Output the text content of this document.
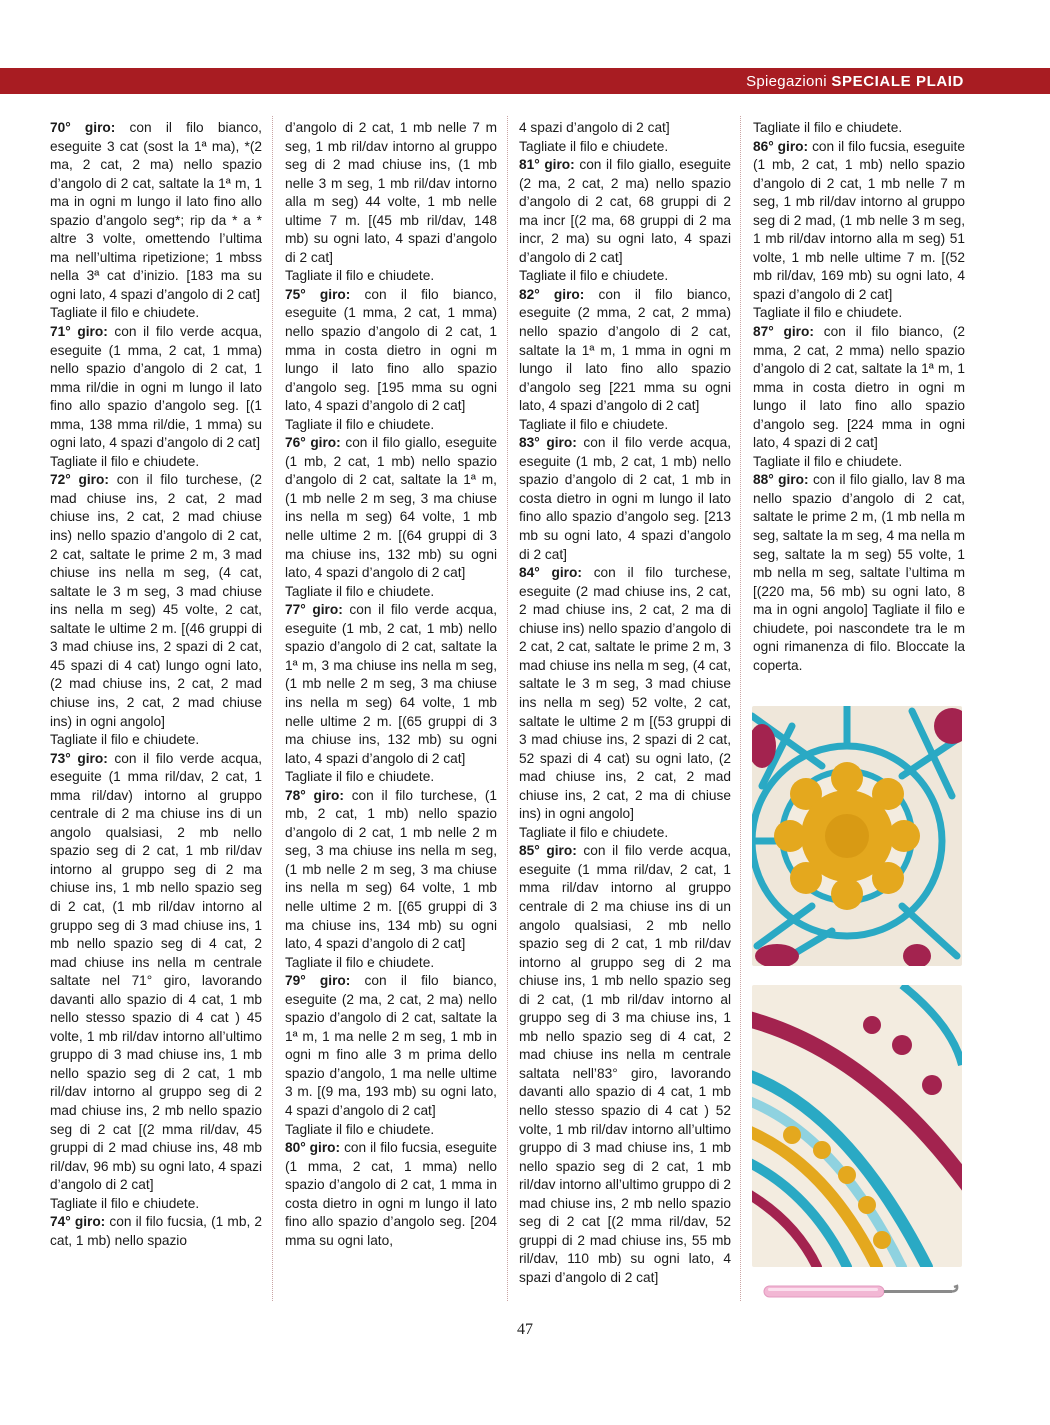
Spiegazioni SPECIALE PLAID

70° giro: con il filo bianco, eseguite 3 cat (sost la 1ª ma), *(2 ma, 2 cat, 2 ma) nello spazio d’angolo di 2 cat, saltate la 1ª m, 1 ma in ogni m lungo il lato fino allo spazio d’angolo seg*; rip da * a * altre 3 volte, omettendo l’ultima ma nell’ultima ripetizione; 1 mbss nella 3ª cat d’inizio. [183 ma su ogni lato, 4 spazi d’angolo di 2 cat]

Tagliate il filo e chiudete.

71° giro: con il filo verde acqua, eseguite (1 mma, 2 cat, 1 mma) nello spazio d’angolo di 2 cat, 1 mma ril/die in ogni m lungo il lato fino allo spazio d’angolo seg. [(1 mma, 138 mma ril/die, 1 mma) su ogni lato, 4 spazi d’angolo di 2 cat]

Tagliate il filo e chiudete.

72° giro: con il filo turchese, (2 mad chiuse ins, 2 cat, 2 mad chiuse ins, 2 cat, 2 mad chiuse ins) nello spazio d’angolo di 2 cat, 2 cat, saltate le prime 2 m, 3 mad chiuse ins nella m seg, (4 cat, saltate le 3 m seg, 3 mad chiuse ins nella m seg) 45 volte, 2 cat, saltate le ultime 2 m. [(46 gruppi di 3 mad chiuse ins, 2 spazi di 2 cat, 45 spazi di 4 cat) lungo ogni lato, (2 mad chiuse ins, 2 cat, 2 mad chiuse ins, 2 cat, 2 mad chiuse ins) in ogni angolo]

Tagliate il filo e chiudete.

73° giro: con il filo verde acqua, eseguite (1 mma ril/dav, 2 cat, 1 mma ril/dav) intorno al gruppo centrale di 2 ma chiuse ins di un angolo qualsiasi, 2 mb nello spazio seg di 2 cat, 1 mb ril/dav intorno al gruppo seg di 2 ma chiuse ins, 1 mb nello spazio seg di 2 cat, (1 mb ril/dav intorno al gruppo seg di 3 mad chiuse ins, 1 mb nello spazio seg di 4 cat, 2 mad chiuse ins nella m centrale saltate nel 71° giro, lavorando davanti allo spazio di 4 cat, 1 mb nello stesso spazio di 4 cat ) 45 volte, 1 mb ril/dav intorno all’ultimo gruppo di 3 mad chiuse ins, 1 mb nello spazio seg di 2 cat, 1 mb ril/dav intorno al gruppo seg di 2 mad chiuse ins, 2 mb nello spazio seg di 2 cat [(2 mma ril/dav, 45 gruppi di 2 mad chiuse ins, 48 mb ril/dav, 96 mb) su ogni lato, 4 spazi d’angolo di 2 cat]

Tagliate il filo e chiudete.

74° giro: con il filo fucsia, (1 mb, 2 cat, 1 mb) nello spazio

d’angolo di 2 cat, 1 mb nelle 7 m seg, 1 mb ril/dav intorno al gruppo seg di 2 mad chiuse ins, (1 mb nelle 3 m seg, 1 mb ril/dav intorno alla m seg) 44 volte, 1 mb nelle ultime 7 m. [(45 mb ril/dav, 148 mb) su ogni lato, 4 spazi d’angolo di 2 cat]

Tagliate il filo e chiudete.

75° giro: con il filo bianco, eseguite (1 mma, 2 cat, 1 mma) nello spazio d’angolo di 2 cat, 1 mma in costa dietro in ogni m lungo il lato fino allo spazio d’angolo seg. [195 mma su ogni lato, 4 spazi d’angolo di 2 cat]

Tagliate il filo e chiudete.

76° giro: con il filo giallo, eseguite (1 mb, 2 cat, 1 mb) nello spazio d’angolo di 2 cat, saltate la 1ª m, (1 mb nelle 2 m seg, 3 ma chiuse ins nella m seg) 64 volte, 1 mb nelle ultime 2 m. [(64 gruppi di 3 ma chiuse ins, 132 mb) su ogni lato, 4 spazi d’angolo di 2 cat]

Tagliate il filo e chiudete.

77° giro: con il filo verde acqua, eseguite (1 mb, 2 cat, 1 mb) nello spazio d’angolo di 2 cat, saltate la 1ª m, 3 ma chiuse ins nella m seg, (1 mb nelle 2 m seg, 3 ma chiuse ins nella m seg) 64 volte, 1 mb nelle ultime 2 m. [(65 gruppi di 3 ma chiuse ins, 132 mb) su ogni lato, 4 spazi d’angolo di 2 cat]

Tagliate il filo e chiudete.

78° giro: con il filo turchese, (1 mb, 2 cat, 1 mb) nello spazio d’angolo di 2 cat, 1 mb nelle 2 m seg, 3 ma chiuse ins nella m seg, (1 mb nelle 2 m seg, 3 ma chiuse ins nella m seg) 64 volte, 1 mb nelle ultime 2 m. [(65 gruppi di 3 ma chiuse ins, 134 mb) su ogni lato, 4 spazi d’angolo di 2 cat]

Tagliate il filo e chiudete.

79° giro: con il filo bianco, eseguite (2 ma, 2 cat, 2 ma) nello spazio d’angolo di 2 cat, saltate la 1ª m, 1 ma nelle 2 m seg, 1 mb in ogni m fino alle 3 m prima dello spazio d’angolo, 1 ma nelle ultime 3 m. [(9 ma, 193 mb) su ogni lato, 4 spazi d’angolo di 2 cat]

Tagliate il filo e chiudete.

80° giro: con il filo fucsia, eseguite (1 mma, 2 cat, 1 mma) nello spazio d’angolo di 2 cat, 1 mma in costa dietro in ogni m lungo il lato fino allo spazio d’angolo seg. [204 mma su ogni lato,

4 spazi d’angolo di 2 cat]

Tagliate il filo e chiudete.

81° giro: con il filo giallo, eseguite (2 ma, 2 cat, 2 ma) nello spazio d’angolo di 2 cat, 68 gruppi di 2 ma incr [(2 ma, 68 gruppi di 2 ma incr, 2 ma) su ogni lato, 4 spazi d’angolo di 2 cat]

Tagliate il filo e chiudete.

82° giro: con il filo bianco, eseguite (2 mma, 2 cat, 2 mma) nello spazio d’angolo di 2 cat, saltate la 1ª m, 1 mma in ogni m lungo il lato fino allo spazio d’angolo seg [221 mma su ogni lato, 4 spazi d’angolo di 2 cat]

Tagliate il filo e chiudete.

83° giro: con il filo verde acqua, eseguite (1 mb, 2 cat, 1 mb) nello spazio d’angolo di 2 cat, 1 mb in costa dietro in ogni m lungo il lato fino allo spazio d’angolo seg. [213 mb su ogni lato, 4 spazi d’angolo di 2 cat]

84° giro: con il filo turchese, eseguite (2 mad chiuse ins, 2 cat, 2 mad chiuse ins, 2 cat, 2 ma di chiuse ins) nello spazio d’angolo di 2 cat, 2 cat, saltate le prime 2 m, 3 mad chiuse ins nella m seg, (4 cat, saltate le 3 m seg, 3 mad chiuse ins nella m seg) 52 volte, 2 cat, saltate le ultime 2 m [(53 gruppi di 3 mad chiuse ins, 2 spazi di 2 cat, 52 spazi di 4 cat) su ogni lato, (2 mad chiuse ins, 2 cat, 2 mad chiuse ins, 2 cat, 2 ma di chiuse ins) in ogni angolo]

Tagliate il filo e chiudete.

85° giro: con il filo verde acqua, eseguite (1 mma ril/dav, 2 cat, 1 mma ril/dav intorno al gruppo centrale di 2 ma chiuse ins di un angolo qualsiasi, 2 mb nello spazio seg di 2 cat, 1 mb ril/dav intorno al gruppo seg di 2 ma chiuse ins, 1 mb nello spazio seg di 2 cat, (1 mb ril/dav intorno al gruppo seg di 3 ma chiuse ins, 1 mb nello spazio seg di 4 cat, 2 mad chiuse ins nella m centrale saltata nell’83° giro, lavorando davanti allo spazio di 4 cat, 1 mb nello stesso spazio di 4 cat ) 52 volte, 1 mb ril/dav intorno all’ultimo gruppo di 3 mad chiuse ins, 1 mb nello spazio seg di 2 cat, 1 mb ril/dav intorno all’ultimo gruppo di 2 mad chiuse ins, 2 mb nello spazio seg di 2 cat [(2 mma ril/dav, 52 gruppi di 2 mad chiuse ins, 55 mb ril/dav, 110 mb) su ogni lato, 4 spazi d’angolo di 2 cat]

Tagliate il filo e chiudete.

86° giro: con il filo fucsia, eseguite (1 mb, 2 cat, 1 mb) nello spazio d’angolo di 2 cat, 1 mb nelle 7 m seg, 1 mb ril/dav intorno al gruppo seg di 2 mad, (1 mb nelle 3 m seg, 1 mb ril/dav intorno alla m seg) 51 volte, 1 mb nelle ultime 7 m. [(52 mb ril/dav, 169 mb) su ogni lato, 4 spazi d’angolo di 2 cat]

Tagliate il filo e chiudete.

87° giro: con il filo bianco, (2 mma, 2 cat, 2 mma) nello spazio d’angolo di 2 cat, saltate la 1ª m, 1 mma in costa dietro in ogni m lungo il lato fino allo spazio d’angolo seg. [224 mma in ogni lato, 4 spazi di 2 cat]

Tagliate il filo e chiudete.

88° giro: con il filo giallo, lav 8 ma nello spazio d’angolo di 2 cat, saltate le prime 2 m, (1 mb nella m seg, saltate la m seg, 4 ma nella m seg, saltate la m seg) 55 volte, 1 mb nella m seg, saltate l’ultima m [(220 ma, 56 mb) su ogni lato, 8 ma in ogni angolo] Tagliate il filo e chiudete, poi nascondete tra le m ogni rimanenza di filo. Bloccate la coperta.

47
